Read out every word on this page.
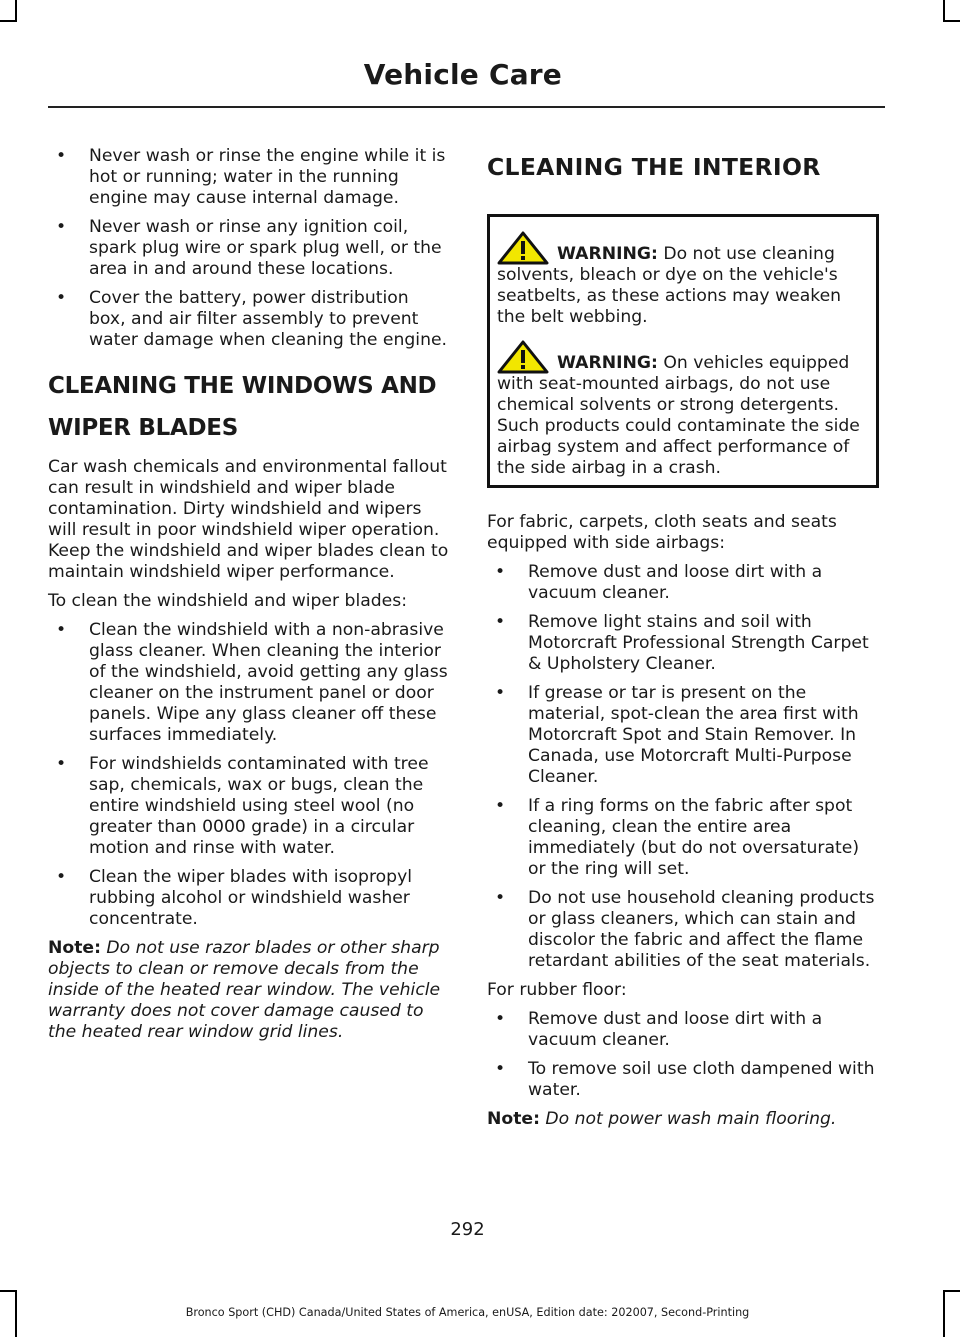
Vehicle Care
• Never wash or rinse the engine while it is hot or running; water in the running engine may cause internal damage.
• Never wash or rinse any ignition coil, spark plug wire or spark plug well, or the area in and around these locations.
• Cover the battery, power distribution box, and air filter assembly to prevent water damage when cleaning the engine.
CLEANING THE WINDOWS AND
WIPER BLADES

Car wash chemicals and environmental fallout can result in windshield and wiper blade contamination. Dirty windshield and wipers will result in poor windshield wiper operation. Keep the windshield and wiper blades clean to maintain windshield wiper performance.

To clean the windshield and wiper blades:

• Clean the windshield with a non-abrasive glass cleaner. When cleaning the interior of the windshield, avoid getting any glass cleaner on the instrument panel or door panels. Wipe any glass cleaner off these surfaces immediately.
• For windshields contaminated with tree sap, chemicals, wax or bugs, clean the entire windshield using steel wool (no greater than 0000 grade) in a circular motion and rinse with water.
• Clean the wiper blades with isopropyl rubbing alcohol or windshield washer concentrate.

Note: Do not use razor blades or other sharp objects to clean or remove decals from the inside of the heated rear window. The vehicle warranty does not cover damage caused to the heated rear window grid lines.

CLEANING THE INTERIOR
WARNING: Do not use cleaning solvents, bleach or dye on the vehicle's seatbelts, as these actions may weaken the belt webbing.
WARNING: On vehicles equipped with seat-mounted airbags, do not use chemical solvents or strong detergents. Such products could contaminate the side airbag system and affect performance of the side airbag in a crash.

For fabric, carpets, cloth seats and seats equipped with side airbags:

• Remove dust and loose dirt with a vacuum cleaner.
• Remove light stains and soil with Motorcraft Professional Strength Carpet & Upholstery Cleaner.
• If grease or tar is present on the material, spot-clean the area first with Motorcraft Spot and Stain Remover. In Canada, use Motorcraft Multi-Purpose Cleaner.
• If a ring forms on the fabric after spot cleaning, clean the entire area immediately (but do not oversaturate) or the ring will set.
• Do not use household cleaning products or glass cleaners, which can stain and discolor the fabric and affect the flame retardant abilities of the seat materials.

For rubber floor:

• Remove dust and loose dirt with a vacuum cleaner.
• To remove soil use cloth dampened with water.

Note: Do not power wash main flooring.

292
Bronco Sport (CHD) Canada/United States of America, enUSA, Edition date: 202007, Second-Printing
